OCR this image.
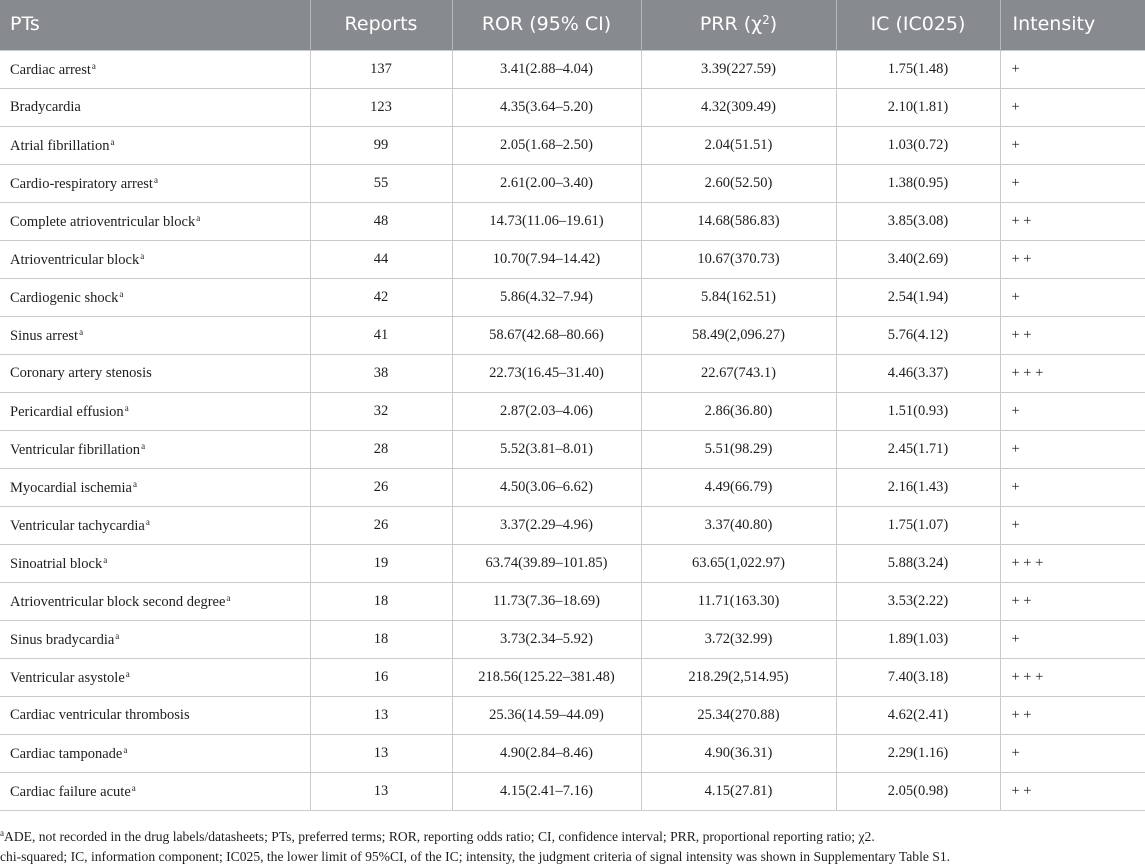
PTs	Reports	ROR (95% CI)	PRR $(\chi^2)$	IC (IC025)	Intensity
Cardiac arrest$^a$	137	3.41(2.88–4.04)	3.39(227.59)	1.75(1.48)	+
Bradycardia	123	4.35(3.64–5.20)	4.32(309.49)	2.10(1.81)	+
Atrial fibrillation$^a$	99	2.05(1.68–2.50)	2.04(51.51)	1.03(0.72)	+
Cardio-respiratory arrest$^a$	55	2.61(2.00–3.40)	2.60(52.50)	1.38(0.95)	+
Complete atrioventricular block$^a$	48	14.73(11.06–19.61)	14.68(586.83)	3.85(3.08)	+ +
Atrioventricular block$^a$	44	10.70(7.94–14.42)	10.67(370.73)	3.40(2.69)	+ +
Cardiogenic shock$^a$	42	5.86(4.32–7.94)	5.84(162.51)	2.54(1.94)	+
Sinus arrest$^a$	41	58.67(42.68–80.66)	58.49(2,096.27)	5.76(4.12)	+ +
Coronary artery stenosis	38	22.73(16.45–31.40)	22.67(743.1)	4.46(3.37)	+ + +
Pericardial effusion$^a$	32	2.87(2.03–4.06)	2.86(36.80)	1.51(0.93)	+
Ventricular fibrillation$^a$	28	5.52(3.81–8.01)	5.51(98.29)	2.45(1.71)	+
Myocardial ischemia$^a$	26	4.50(3.06–6.62)	4.49(66.79)	2.16(1.43)	+
Ventricular tachycardia$^a$	26	3.37(2.29–4.96)	3.37(40.80)	1.75(1.07)	+
Sinoatrial block$^a$	19	63.74(39.89–101.85)	63.65(1,022.97)	5.88(3.24)	+ + +
Atrioventricular block second degree$^a$	18	11.73(7.36–18.69)	11.71(163.30)	3.53(2.22)	+ +
Sinus bradycardia$^a$	18	3.73(2.34–5.92)	3.72(32.99)	1.89(1.03)	+
Ventricular asystole$^a$	16	218.56(125.22–381.48)	218.29(2,514.95)	7.40(3.18)	+ + +
Cardiac ventricular thrombosis	13	25.36(14.59–44.09)	25.34(270.88)	4.62(2.41)	+ +
Cardiac tamponade$^a$	13	4.90(2.84–8.46)	4.90(36.31)	2.29(1.16)	+
Cardiac failure acute$^a$	13	4.15(2.41–7.16)	4.15(27.81)	2.05(0.98)	+ +

$^a$ADE, not recorded in the drug labels/datasheets; PTs, preferred terms; ROR, reporting odds ratio; CI, confidence interval; PRR, proportional reporting ratio; χ2.

chi-squared; IC, information component; IC025, the lower limit of 95%CI, of the IC; intensity, the judgment criteria of signal intensity was shown in Supplementary Table S1.
